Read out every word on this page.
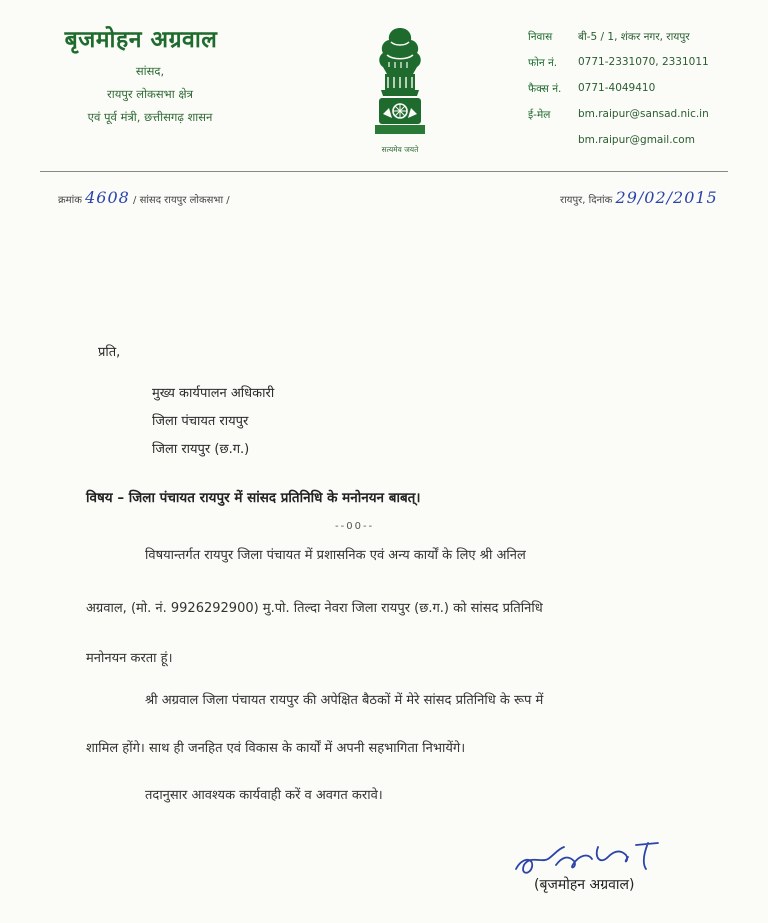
बृजमोहन अग्रवाल
सांसद,
रायपुर लोकसभा क्षेत्र
एवं पूर्व मंत्री, छत्तीसगढ़ शासन
सत्यमेव जयते
निवास	बी-5 / 1, शंकर नगर, रायपुर
फोन नं.	0771-2331070, 2331011
फैक्स नं.	0771-4049410
ई-मेल	bm.raipur@sansad.nic.in
bm.raipur@gmail.com
क्रमांक 4608 / सांसद रायपुर लोकसभा /	रायपुर, दिनांक 29/02/2015
प्रति,
मुख्य कार्यपालन अधिकारी
जिला पंचायत रायपुर
जिला रायपुर (छ.ग.)
विषय – जिला पंचायत रायपुर में सांसद प्रतिनिधि के मनोनयन बाबत्।
--00--
विषयान्तर्गत रायपुर जिला पंचायत में प्रशासनिक एवं अन्य कार्यों के लिए श्री अनिल
अग्रवाल, (मो. नं. 9926292900) मु.पो. तिल्दा नेवरा जिला रायपुर (छ.ग.) को सांसद प्रतिनिधि
मनोनयन करता हूं।
श्री अग्रवाल जिला पंचायत रायपुर की अपेक्षित बैठकों में मेरे सांसद प्रतिनिधि के रूप में
शामिल होंगे। साथ ही जनहित एवं विकास के कार्यों में अपनी सहभागिता निभायेंगे।
तदानुसार आवश्यक कार्यवाही करें व अवगत करावे।
(बृजमोहन अग्रवाल)
